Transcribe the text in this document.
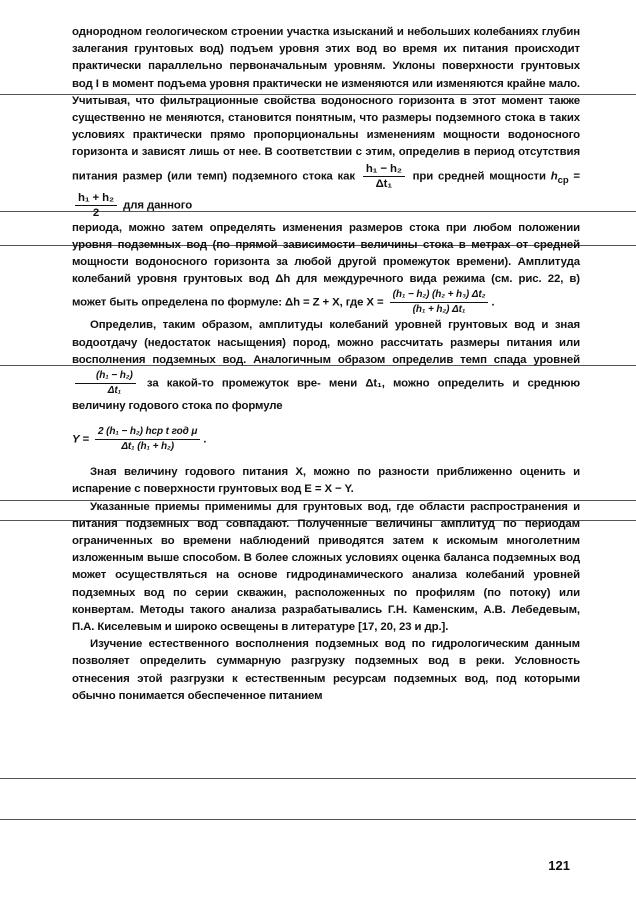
однородном геологическом строении участка изысканий и небольших колебаниях глубин залегания грунтовых вод) подъем уровня этих вод во время их питания происходит практически параллельно первоначальным уровням. Уклоны поверхности грунтовых вод I в момент подъема уровня практически не изменяются или изменяются крайне мало. Учитывая, что фильтрационные свойства водоносного горизонта в этот момент также существенно не меняются, становится понятным, что размеры подземного стока в таких условиях практически прямо пропорциональны изменениям мощности водоносного горизонта и зависят лишь от нее. В соответствии с этим, определив в период отсутствия питания размер (или темп) подземного стока как $\frac{\text{h₁ − h₂}}{\text{Δt₁}}$ при средней мощности $h_{ср}$ =
$\frac{\text{h₁ + h₂}}{2}$ для данного

периода, можно затем определять изменения размеров стока при любом положении уровня подземных вод (по прямой зависимости величины стока в метрах от средней мощности водоносного горизонта за любой другой промежуток времени). Амплитуда колебаний уровня грунтовых вод Δh для междуречного вида режима (см. рис. 22, в) может быть определена по формуле: Δh = Z + X, где $X = \frac{\text{(h₁ − h₂) (h₂ + h₃) Δt₂}}{\text{(h₁ + h₂) Δt₁}}$ .

Определив, таким образом, амплитуды колебаний уровней грунтовых вод и зная водоотдачу (недостаток насыщения) пород, можно рассчитать размеры питания или восполнения подземных вод. Аналогичным образом определив темп спада уровней
$\frac{\text{(h₁ − h₂)}}{\text{Δt₁}}$ за какой-то промежуток вре- мени Δt₁, можно определить и среднюю величину годового стока по формуле

$Y = \frac{\text{2 (h₁ − h₂) hср t год μ}}{\text{Δt₁ (h₁ + h₂)}}$ .

Зная величину годового питания X, можно по разности приближенно оценить и испарение с поверхности грунтовых вод E = X − Y.

Указанные приемы применимы для грунтовых вод, где области распространения и питания подземных вод совпадают. Полученные величины амплитуд по периодам ограниченных во времени наблюдений приводятся затем к искомым многолетним изложенным выше способом. В более сложных условиях оценка баланса подземных вод может осуществляться на основе гидродинамического анализа колебаний уровней подземных вод по серии скважин, расположенных по профилям (по потоку) или конвертам. Методы такого анализа разрабатывались Г.Н. Каменским, А.В. Лебедевым, П.А. Киселевым и широко освещены в литературе [17, 20, 23 и др.].

Изучение естественного восполнения подземных вод по гидрологическим данным позволяет определить суммарную разгрузку подземных вод в реки. Условность отнесения этой разгрузки к естественным ресурсам подземных вод, под которыми обычно понимается обеспеченное питанием

121
